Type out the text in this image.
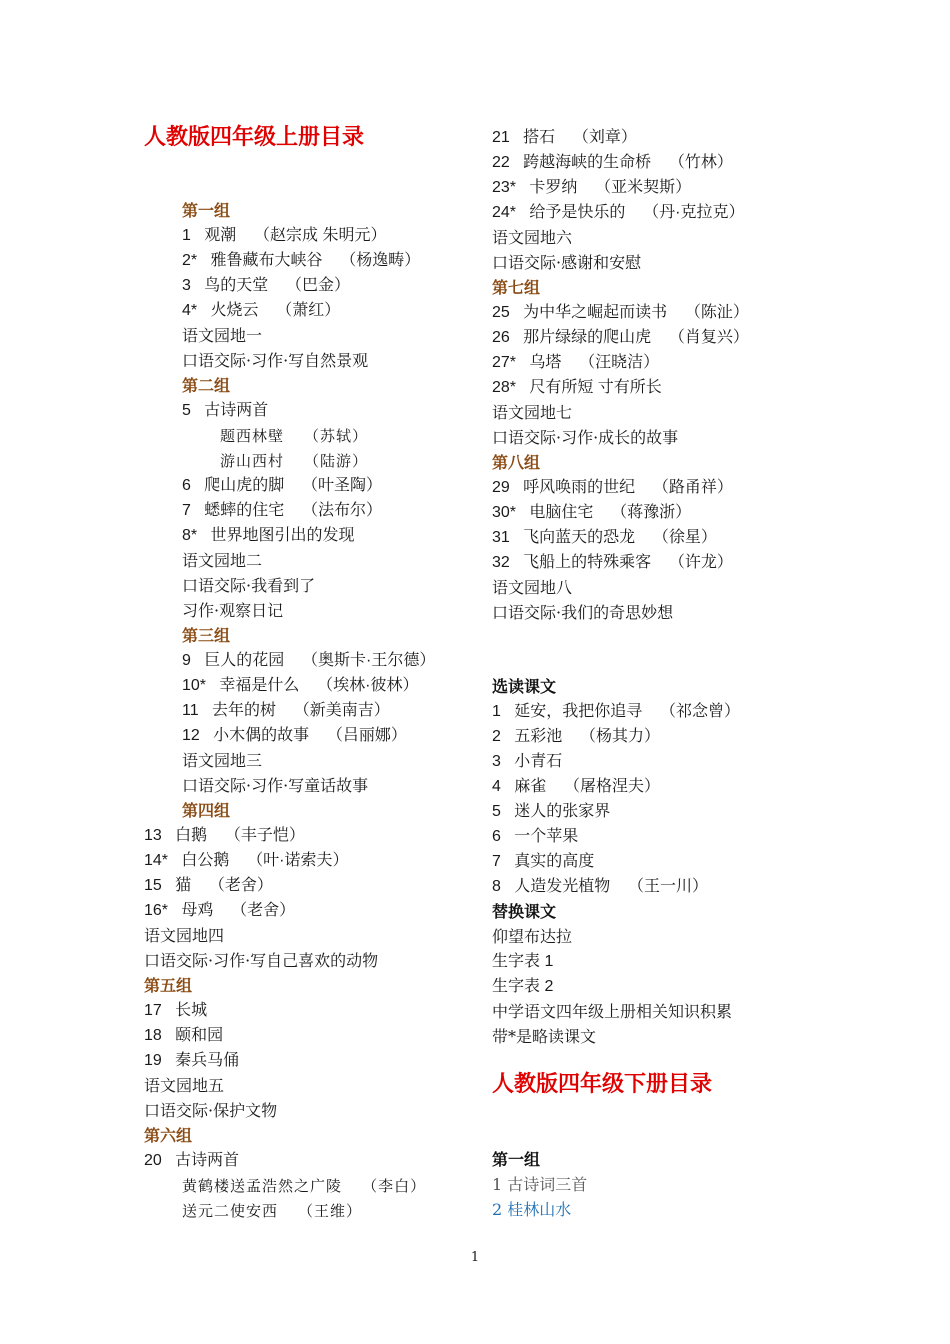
人教版四年级上册目录
第一组
1   观潮    （赵宗成 朱明元）
2*   雅鲁藏布大峡谷    （杨逸畴）
3   鸟的天堂    （巴金）
4*   火烧云    （萧红）
语文园地一
口语交际·习作·写自然景观
第二组
5   古诗两首
题西林壁  （苏轼）
游山西村  （陆游）
6   爬山虎的脚    （叶圣陶）
7   蟋蟀的住宅    （法布尔）
8*   世界地图引出的发现
语文园地二
口语交际·我看到了
习作·观察日记
第三组
9   巨人的花园    （奥斯卡·王尔德）
10*   幸福是什么    （埃林·彼林）
11   去年的树    （新美南吉）
12   小木偶的故事    （吕丽娜）
语文园地三
口语交际·习作·写童话故事
第四组
13   白鹅    （丰子恺）
14*   白公鹅    （叶·诺索夫）
15   猫    （老舍）
16*   母鸡    （老舍）
语文园地四
口语交际·习作·写自己喜欢的动物
第五组
17   长城
18   颐和园
19   秦兵马俑
语文园地五
口语交际·保护文物
第六组
20   古诗两首
黄鹤楼送孟浩然之广陵  （李白）
送元二使安西  （王维）
21   搭石    （刘章）
22   跨越海峡的生命桥    （竹林）
23*   卡罗纳    （亚米契斯）
24*   给予是快乐的    （丹·克拉克）
语文园地六
口语交际·感谢和安慰
第七组
25   为中华之崛起而读书    （陈沚）
26   那片绿绿的爬山虎    （肖复兴）
27*   乌塔    （汪晓洁）
28*   尺有所短 寸有所长
语文园地七
口语交际·习作·成长的故事
第八组
29   呼风唤雨的世纪    （路甬祥）
30*   电脑住宅    （蒋豫浙）
31   飞向蓝天的恐龙    （徐星）
32   飞船上的特殊乘客    （许龙）
语文园地八
口语交际·我们的奇思妙想
选读课文
1   延安，我把你追寻    （祁念曾）
2   五彩池    （杨其力）
3   小青石
4   麻雀    （屠格涅夫）
5   迷人的张家界
6   一个苹果
7   真实的高度
8   人造发光植物    （王一川）
替换课文
仰望布达拉
生字表 1
生字表 2
中学语文四年级上册相关知识积累
带*是略读课文
人教版四年级下册目录
第一组
1 古诗词三首
2 桂林山水
1
